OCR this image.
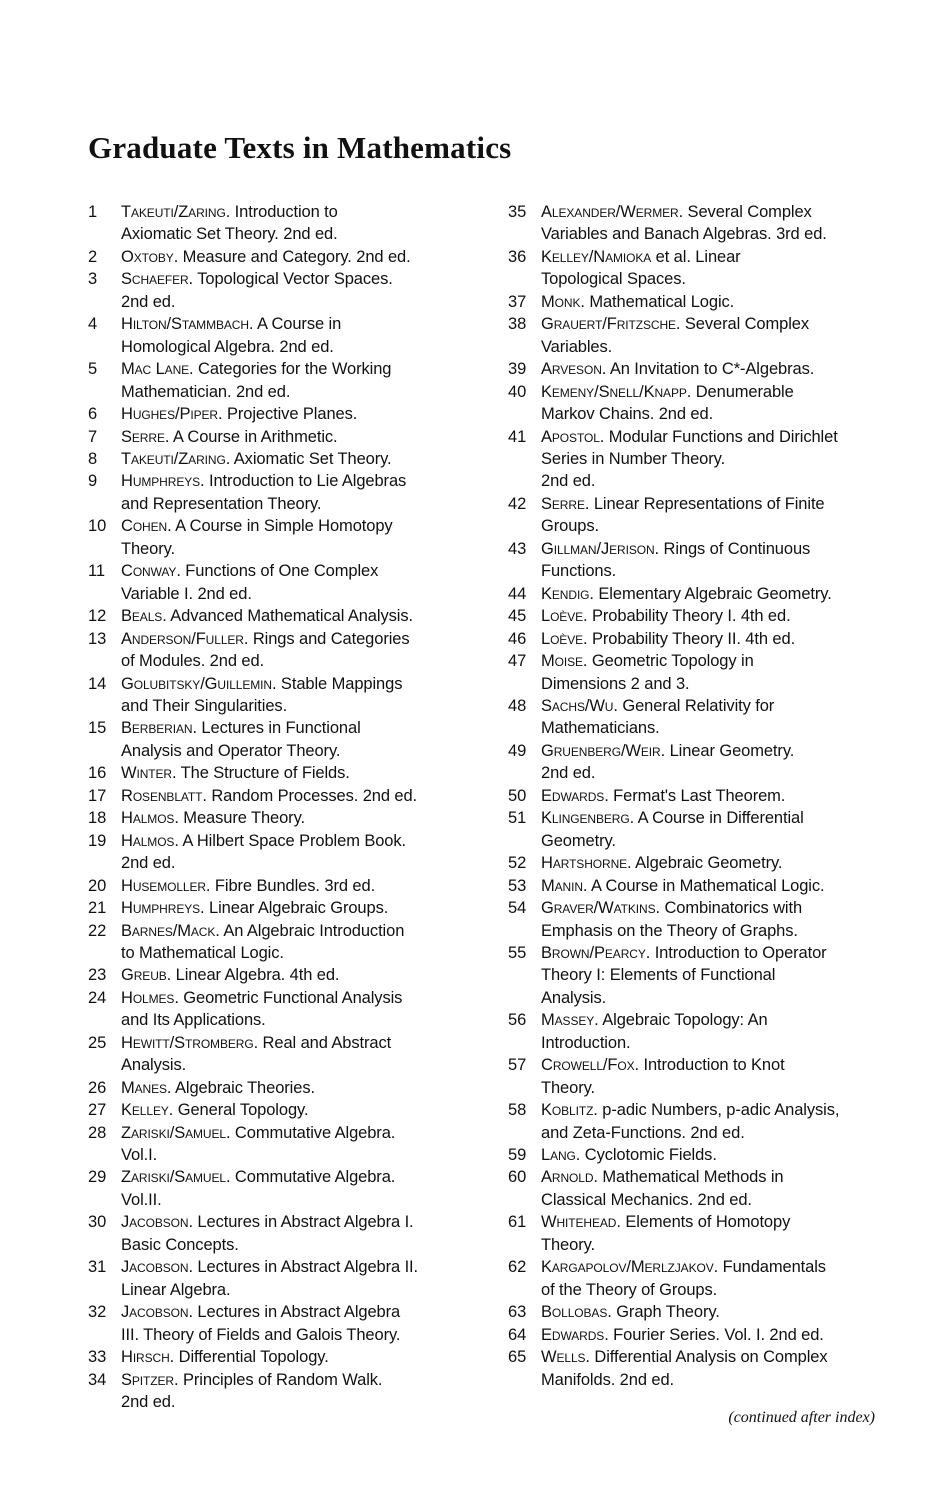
Graduate Texts in Mathematics
1 Takeuti/Zaring. Introduction to
Axiomatic Set Theory. 2nd ed.
2 Oxtoby. Measure and Category. 2nd ed.
3 Schaefer. Topological Vector Spaces.
2nd ed.
4 Hilton/Stammbach. A Course in
Homological Algebra. 2nd ed.
5 Mac Lane. Categories for the Working
Mathematician. 2nd ed.
6 Hughes/Piper. Projective Planes.
7 Serre. A Course in Arithmetic.
8 Takeuti/Zaring. Axiomatic Set Theory.
9 Humphreys. Introduction to Lie Algebras
and Representation Theory.
10 Cohen. A Course in Simple Homotopy
Theory.
11 Conway. Functions of One Complex
Variable I. 2nd ed.
12 Beals. Advanced Mathematical Analysis.
13 Anderson/Fuller. Rings and Categories
of Modules. 2nd ed.
14 Golubitsky/Guillemin. Stable Mappings
and Their Singularities.
15 Berberian. Lectures in Functional
Analysis and Operator Theory.
16 Winter. The Structure of Fields.
17 Rosenblatt. Random Processes. 2nd ed.
18 Halmos. Measure Theory.
19 Halmos. A Hilbert Space Problem Book.
2nd ed.
20 Husemoller. Fibre Bundles. 3rd ed.
21 Humphreys. Linear Algebraic Groups.
22 Barnes/Mack. An Algebraic Introduction
to Mathematical Logic.
23 Greub. Linear Algebra. 4th ed.
24 Holmes. Geometric Functional Analysis
and Its Applications.
25 Hewitt/Stromberg. Real and Abstract
Analysis.
26 Manes. Algebraic Theories.
27 Kelley. General Topology.
28 Zariski/Samuel. Commutative Algebra.
Vol.I.
29 Zariski/Samuel. Commutative Algebra.
Vol.II.
30 Jacobson. Lectures in Abstract Algebra I.
Basic Concepts.
31 Jacobson. Lectures in Abstract Algebra II.
Linear Algebra.
32 Jacobson. Lectures in Abstract Algebra
III. Theory of Fields and Galois Theory.
33 Hirsch. Differential Topology.
34 Spitzer. Principles of Random Walk.
2nd ed.
35 Alexander/Wermer. Several Complex
Variables and Banach Algebras. 3rd ed.
36 Kelley/Namioka et al. Linear
Topological Spaces.
37 Monk. Mathematical Logic.
38 Grauert/Fritzsche. Several Complex
Variables.
39 Arveson. An Invitation to C*-Algebras.
40 Kemeny/Snell/Knapp. Denumerable
Markov Chains. 2nd ed.
41 Apostol. Modular Functions and Dirichlet
Series in Number Theory.
2nd ed.
42 Serre. Linear Representations of Finite
Groups.
43 Gillman/Jerison. Rings of Continuous
Functions.
44 Kendig. Elementary Algebraic Geometry.
45 Loève. Probability Theory I. 4th ed.
46 Loève. Probability Theory II. 4th ed.
47 Moise. Geometric Topology in
Dimensions 2 and 3.
48 Sachs/Wu. General Relativity for
Mathematicians.
49 Gruenberg/Weir. Linear Geometry.
2nd ed.
50 Edwards. Fermat's Last Theorem.
51 Klingenberg. A Course in Differential
Geometry.
52 Hartshorne. Algebraic Geometry.
53 Manin. A Course in Mathematical Logic.
54 Graver/Watkins. Combinatorics with
Emphasis on the Theory of Graphs.
55 Brown/Pearcy. Introduction to Operator
Theory I: Elements of Functional
Analysis.
56 Massey. Algebraic Topology: An
Introduction.
57 Crowell/Fox. Introduction to Knot
Theory.
58 Koblitz. p-adic Numbers, p-adic Analysis,
and Zeta-Functions. 2nd ed.
59 Lang. Cyclotomic Fields.
60 Arnold. Mathematical Methods in
Classical Mechanics. 2nd ed.
61 Whitehead. Elements of Homotopy
Theory.
62 Kargapolov/Merlzjakov. Fundamentals
of the Theory of Groups.
63 Bollobas. Graph Theory.
64 Edwards. Fourier Series. Vol. I. 2nd ed.
65 Wells. Differential Analysis on Complex
Manifolds. 2nd ed.
(continued after index)
